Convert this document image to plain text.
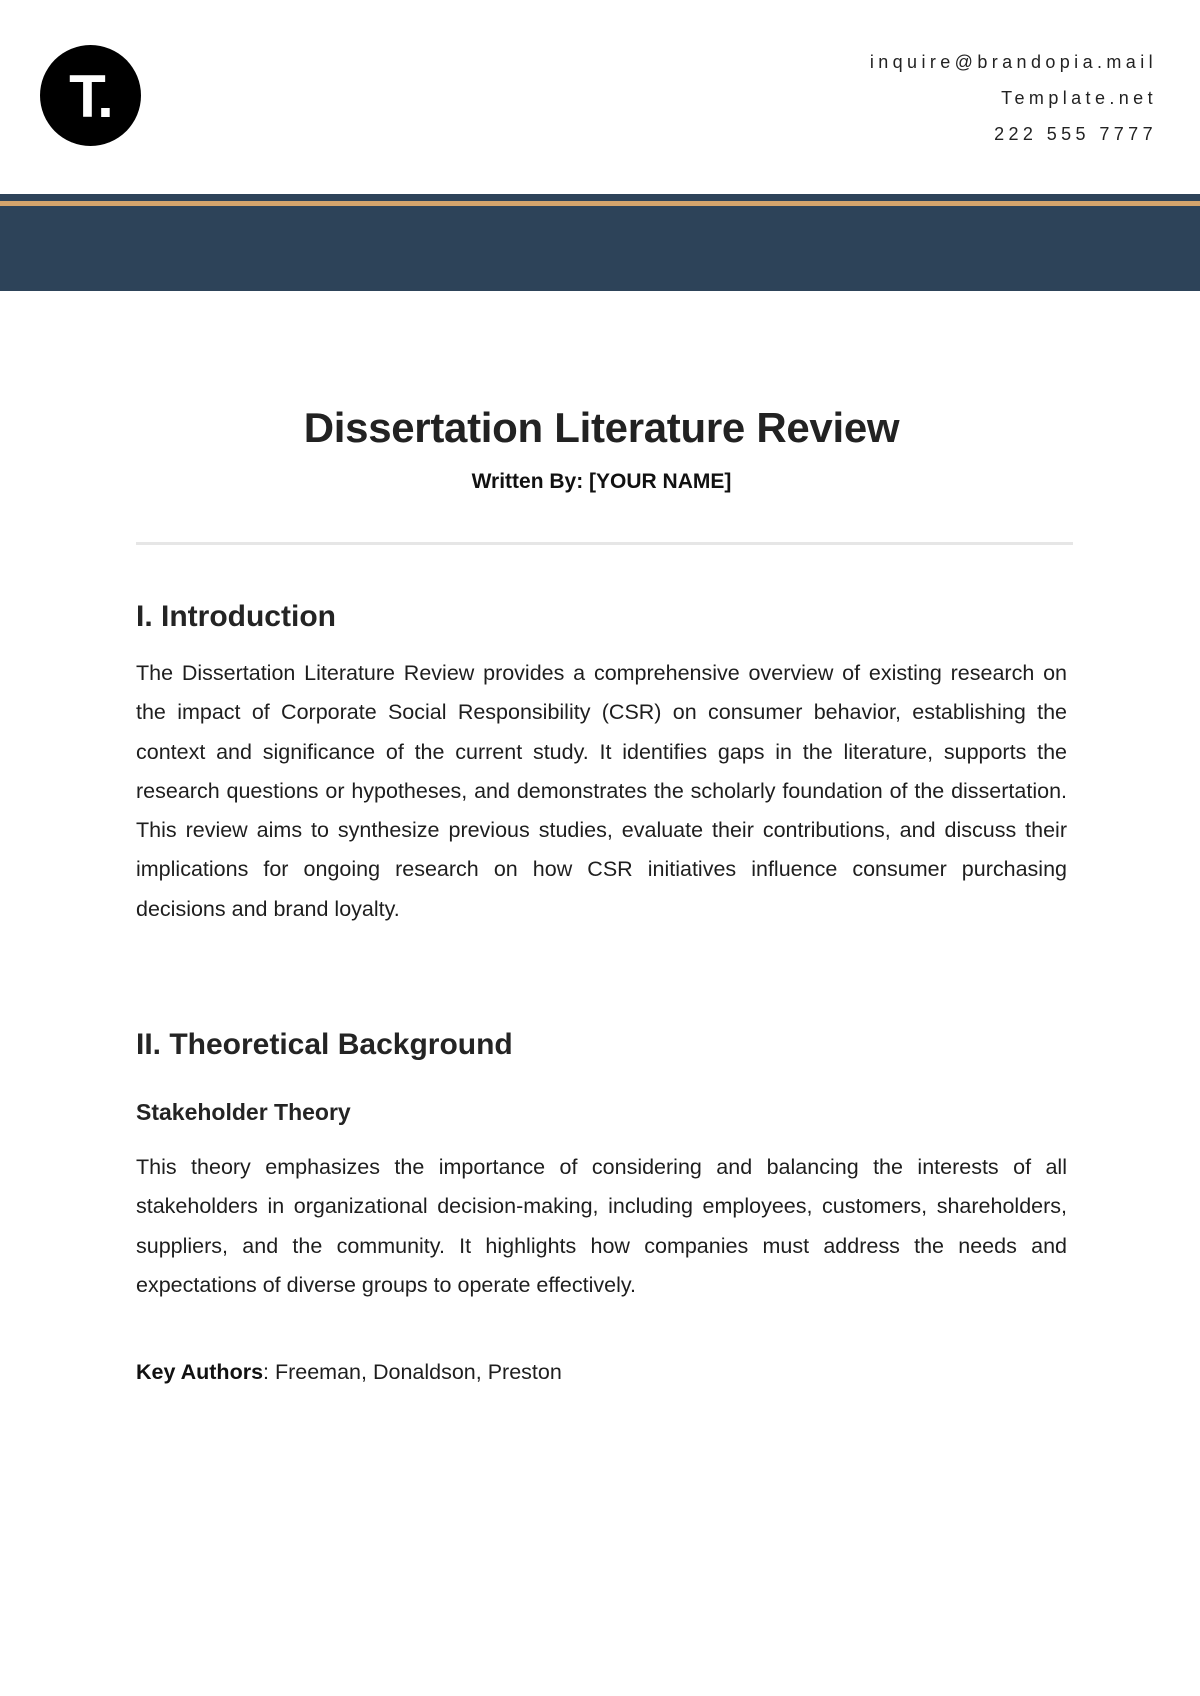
T.
inquire@brandopia.mail
Template.net
222 555 7777
Dissertation Literature Review
Written By: [YOUR NAME]
I. Introduction

The Dissertation Literature Review provides a comprehensive overview of existing research on the impact of Corporate Social Responsibility (CSR) on consumer behavior, establishing the context and significance of the current study. It identifies gaps in the literature, supports the research questions or hypotheses, and demonstrates the scholarly foundation of the dissertation. This review aims to synthesize previous studies, evaluate their contributions, and discuss their implications for ongoing research on how CSR initiatives influence consumer purchasing decisions and brand loyalty.

II. Theoretical Background
Stakeholder Theory

This theory emphasizes the importance of considering and balancing the interests of all stakeholders in organizational decision-making, including employees, customers, shareholders, suppliers, and the community. It highlights how companies must address the needs and expectations of diverse groups to operate effectively.

Key Authors: Freeman, Donaldson, Preston
